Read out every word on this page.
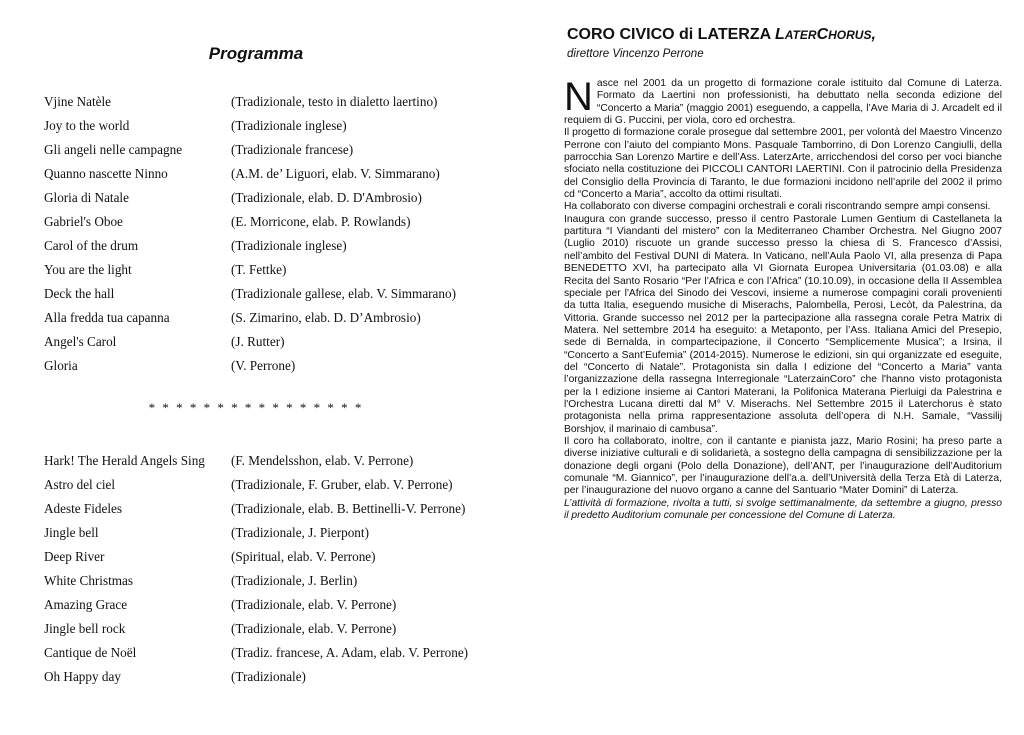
Programma
Vjine Natèle	(Tradizionale, testo in dialetto laertino)
Joy to the world	(Tradizionale inglese)
Gli angeli nelle campagne	(Tradizionale francese)
Quanno nascette Ninno	(A.M. de’ Liguori, elab. V. Simmarano)
Gloria di Natale	(Tradizionale, elab. D. D'Ambrosio)
Gabriel's Oboe	(E. Morricone, elab. P. Rowlands)
Carol of the drum	(Tradizionale inglese)
You are the light	(T. Fettke)
Deck the hall	(Tradizionale gallese, elab. V. Simmarano)
Alla fredda tua capanna	(S. Zimarino, elab. D. D’Ambrosio)
Angel's Carol	(J. Rutter)
Gloria	(V. Perrone)
* * * * * * * * * * * * * * * *
Hark! The Herald Angels Sing	(F. Mendelsshon, elab. V. Perrone)
Astro del ciel	(Tradizionale, F. Gruber, elab. V. Perrone)
Adeste Fideles	(Tradizionale, elab. B. Bettinelli-V. Perrone)
Jingle bell	(Tradizionale, J. Pierpont)
Deep River	(Spiritual, elab. V. Perrone)
White Christmas	(Tradizionale, J. Berlin)
Amazing Grace	(Tradizionale, elab. V. Perrone)
Jingle bell rock	(Tradizionale, elab. V. Perrone)
Cantique de Noël	(Tradiz. francese, A. Adam, elab. V. Perrone)
Oh Happy day	(Tradizionale)
CORO CIVICO di LATERZA LATERCHORUS,
direttore Vincenzo Perrone

Nasce nel 2001 da un progetto di formazione corale istituito dal Comune di Laterza. Formato da Laertini non professionisti, ha debuttato nella seconda edizione del “Concerto a Maria” (maggio 2001) eseguendo, a cappella, l’Ave Maria di J. Arcadelt ed il requiem di G. Puccini, per viola, coro ed orchestra.

Il progetto di formazione corale prosegue dal settembre 2001, per volontà del Maestro Vincenzo Perrone con l’aiuto del compianto Mons. Pasquale Tamborrino, di Don Lorenzo Cangiulli, della parrocchia San Lorenzo Martire e dell’Ass. LaterzArte, arricchendosi del corso per voci bianche sfociato nella costituzione dei PICCOLI CANTORI LAERTINI. Con il patrocinio della Presidenza del Consiglio della Provincia di Taranto, le due formazioni incidono nell’aprile del 2002 il primo cd “Concerto a Maria”, accolto da ottimi risultati.

Ha collaborato con diverse compagini orchestrali e corali riscontrando sempre ampi consensi.

Inaugura con grande successo, presso il centro Pastorale Lumen Gentium di Castellaneta la partitura “I Viandanti del mistero” con la Mediterraneo Chamber Orchestra. Nel Giugno 2007 (Luglio 2010) riscuote un grande successo presso la chiesa di S. Francesco d’Assisi, nell’ambito del Festival DUNI di Matera. In Vaticano, nell’Aula Paolo VI, alla presenza di Papa BENEDETTO XVI, ha partecipato alla VI Giornata Europea Universitaria (01.03.08) e alla Recita del Santo Rosario “Per l’Africa e con l’Africa” (10.10.09), in occasione della II Assemblea speciale per l'Africa del Sinodo dei Vescovi, insieme a numerose compagini corali provenienti da tutta Italia, eseguendo musiche di Miserachs, Palombella, Perosi, Lecòt, da Palestrina, da Vittoria. Grande successo nel 2012 per la partecipazione alla rassegna corale Petra Matrix di Matera. Nel settembre 2014 ha eseguito: a Metaponto, per l’Ass. Italiana Amici del Presepio, sede di Bernalda, in compartecipazione, il Concerto “Semplicemente Musica”; a Irsina, il “Concerto a Sant’Eufemia” (2014-2015). Numerose le edizioni, sin qui organizzate ed eseguite, del “Concerto di Natale”. Protagonista sin dalla I edizione del “Concerto a Maria” vanta l’organizzazione della rassegna Interregionale “LaterzainCoro” che l'hanno visto protagonista per la I edizione insieme ai Cantori Materani, la Polifonica Materana Pierluigi da Palestrina e l'Orchestra Lucana diretti dal M° V. Miserachs. Nel Settembre 2015 il Laterchorus è stato protagonista nella prima rappresentazione assoluta dell’opera di N.H. Samale, “Vassilij Borshjov, il marinaio di cambusa”.

Il coro ha collaborato, inoltre, con il cantante e pianista jazz, Mario Rosini; ha preso parte a diverse iniziative culturali e di solidarietà, a sostegno della campagna di sensibilizzazione per la donazione degli organi (Polo della Donazione), dell’ANT, per l’inaugurazione dell’Auditorium comunale “M. Giannico”, per l’inaugurazione dell’a.a. dell’Università della Terza Età di Laterza, per l’inaugurazione del nuovo organo a canne del Santuario “Mater Domini” di Laterza.

L’attività di formazione, rivolta a tutti, si svolge settimanalmente, da settembre a giugno, presso il predetto Auditorium comunale per concessione del Comune di Laterza.
